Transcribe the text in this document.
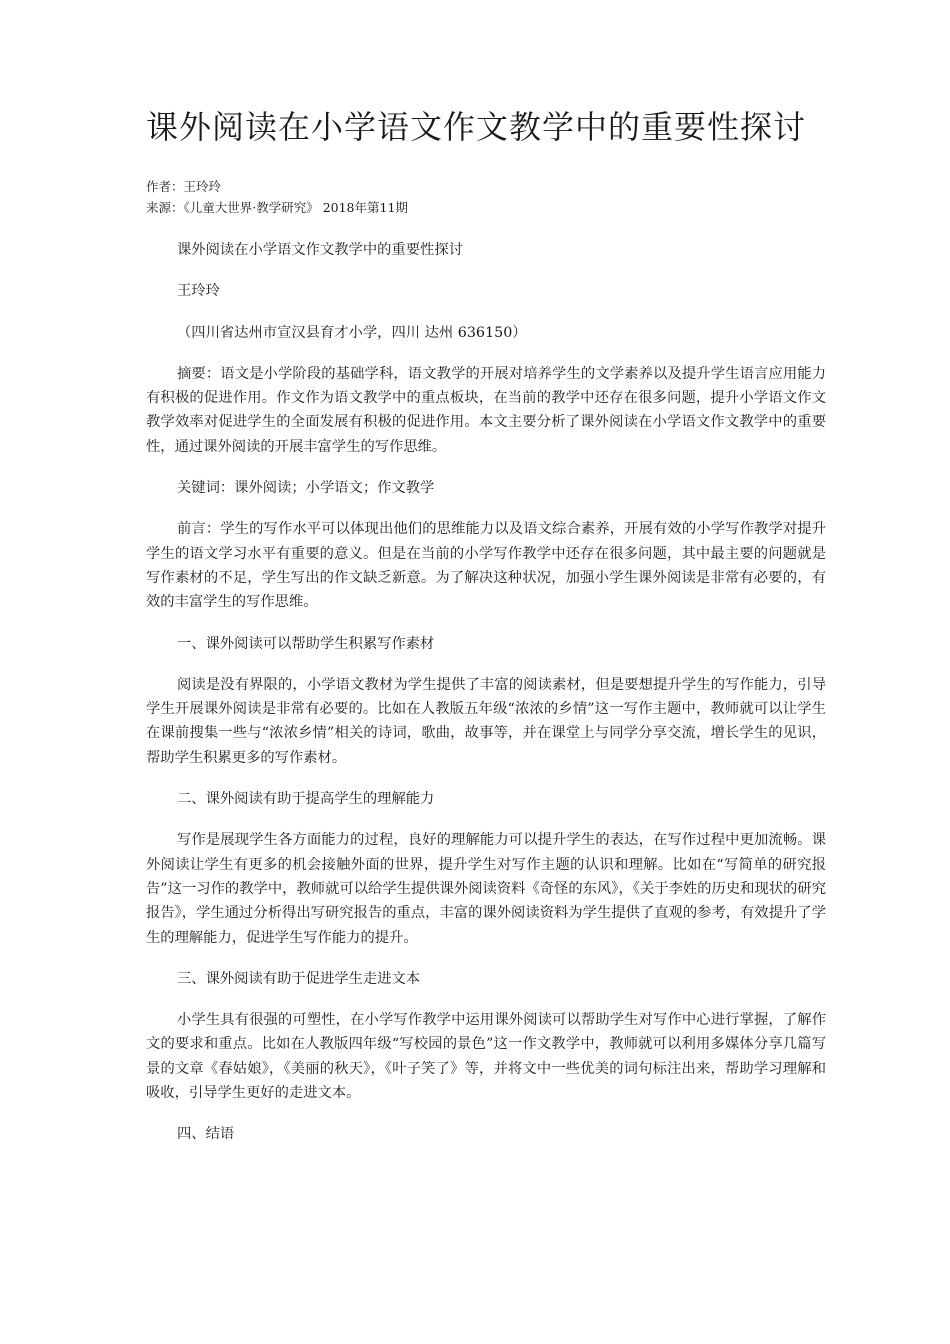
课外阅读在小学语文作文教学中的重要性探讨
作者：王玲玲
来源：《儿童大世界·教学研究》 2018年第11期

课外阅读在小学语文作文教学中的重要性探讨

王玲玲

（四川省达州市宣汉县育才小学，四川 达州 636150）

摘要：语文是小学阶段的基础学科，语文教学的开展对培养学生的文学素养以及提升学生语言应用能力有积极的促进作用。作文作为语文教学中的重点板块，在当前的教学中还存在很多问题，提升小学语文作文教学效率对促进学生的全面发展有积极的促进作用。本文主要分析了课外阅读在小学语文作文教学中的重要性，通过课外阅读的开展丰富学生的写作思维。

关键词：课外阅读；小学语文；作文教学

前言：学生的写作水平可以体现出他们的思维能力以及语文综合素养，开展有效的小学写作教学对提升学生的语文学习水平有重要的意义。但是在当前的小学写作教学中还存在很多问题，其中最主要的问题就是写作素材的不足，学生写出的作文缺乏新意。为了解决这种状况，加强小学生课外阅读是非常有必要的，有效的丰富学生的写作思维。

一、课外阅读可以帮助学生积累写作素材

阅读是没有界限的，小学语文教材为学生提供了丰富的阅读素材，但是要想提升学生的写作能力，引导学生开展课外阅读是非常有必要的。比如在人教版五年级“浓浓的乡情”这一写作主题中，教师就可以让学生在课前搜集一些与“浓浓乡情”相关的诗词，歌曲，故事等，并在课堂上与同学分享交流，增长学生的见识，帮助学生积累更多的写作素材。

二、课外阅读有助于提高学生的理解能力

写作是展现学生各方面能力的过程，良好的理解能力可以提升学生的表达，在写作过程中更加流畅。课外阅读让学生有更多的机会接触外面的世界，提升学生对写作主题的认识和理解。比如在“写简单的研究报告”这一习作的教学中，教师就可以给学生提供课外阅读资料《奇怪的东风》，《关于李姓的历史和现状的研究报告》，学生通过分析得出写研究报告的重点，丰富的课外阅读资料为学生提供了直观的参考，有效提升了学生的理解能力，促进学生写作能力的提升。

三、课外阅读有助于促进学生走进文本

小学生具有很强的可塑性，在小学写作教学中运用课外阅读可以帮助学生对写作中心进行掌握，了解作文的要求和重点。比如在人教版四年级“写校园的景色”这一作文教学中，教师就可以利用多媒体分享几篇写景的文章《春姑娘》，《美丽的秋天》，《叶子笑了》等，并将文中一些优美的词句标注出来，帮助学习理解和吸收，引导学生更好的走进文本。

四、结语
